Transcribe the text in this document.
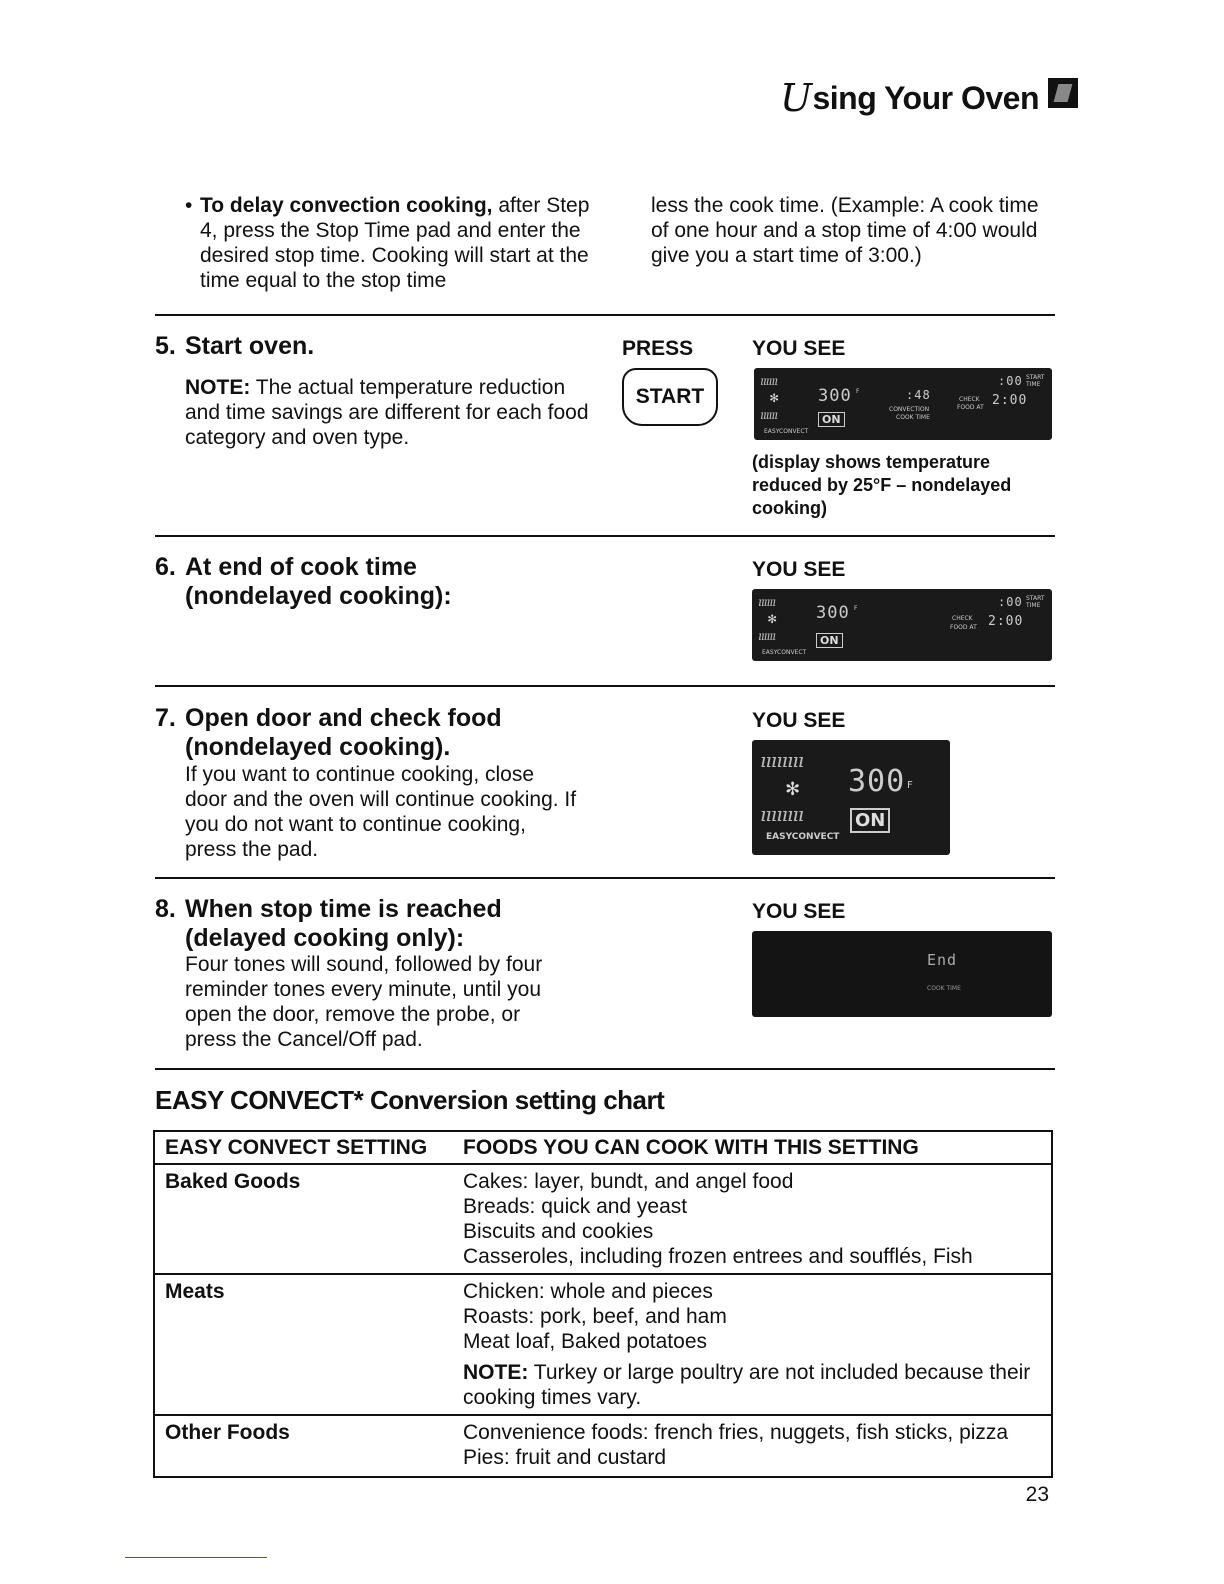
U sing Your Oven
• To delay convection cooking, after Step 4, press the Stop Time pad and enter the desired stop time. Cooking will start at the time equal to the stop time
less the cook time. (Example: A cook time of one hour and a stop time of 4:00 would give you a start time of 3:00.)
5. Start oven.
NOTE: The actual temperature reduction and time savings are different for each food category and oven type.
PRESS
START
YOU SEE
ıııııı
✻
ıııııı
EASYCONVECT
300 F
ON
:48
CONVECTION
COOK TIME
CHECK
FOOD AT
:00 START TIME
2:00
(display shows temperature reduced by 25°F – nondelayed cooking)
6. At end of cook time
(nondelayed cooking):
YOU SEE
ıııııı
✻
ıııııı
EASYCONVECT
300 F
ON
CHECK
FOOD AT
:00 START TIME
2:00
7. Open door and check food
(nondelayed cooking).
If you want to continue cooking, close door and the oven will continue cooking. If you do not want to continue cooking, press the pad.
YOU SEE
ıııııııı
✻
ıııııııı
EASYCONVECT
300 F
ON
8. When stop time is reached
(delayed cooking only):
Four tones will sound, followed by four reminder tones every minute, until you open the door, remove the probe, or press the Cancel/Off pad.
YOU SEE
End
COOK TIME
EASY CONVECT* Conversion setting chart
EASY CONVECT SETTING	FOODS YOU CAN COOK WITH THIS SETTING
Baked Goods	Cakes: layer, bundt, and angel food
Breads: quick and yeast
Biscuits and cookies
Casseroles, including frozen entrees and soufflés, Fish

Meats	Chicken: whole and pieces
Roasts: pork, beef, and ham
Meat loaf, Baked potatoes
NOTE: Turkey or large poultry are not included because their cooking times vary.

Other Foods	Convenience foods: french fries, nuggets, fish sticks, pizza
Pies: fruit and custard
23
